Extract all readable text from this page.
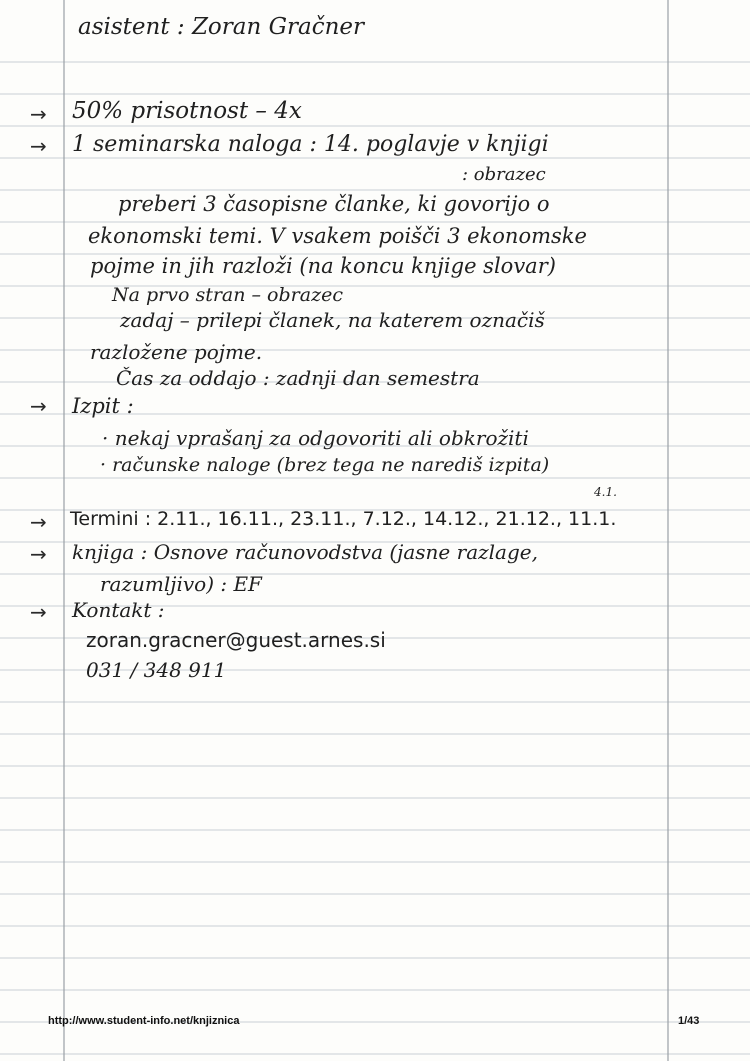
asistent : Zoran Gračner
→ 50% prisotnost – 4x
→ 1 seminarska naloga : 14. poglavje v knjigi
: obrazec
preberi 3 časopisne članke, ki govorijo o
ekonomski temi. V vsakem poišči 3 ekonomske
pojme in jih razloži (na koncu knjige slovar)
Na prvo stran – obrazec
zadaj – prilepi članek, na katerem označiš
razložene pojme.
Čas za oddajo : zadnji dan semestra
→ Izpit :
· nekaj vprašanj za odgovoriti ali obkrožiti
· računske naloge (brez tega ne narediš izpita)
4.1.
→ Termini : 2.11., 16.11., 23.11., 7.12., 14.12., 21.12., 11.1.
→ knjiga : Osnove računovodstva (jasne razlage,
razumljivo) : EF
→ Kontakt :
zoran.gracner@guest.arnes.si
031 / 348 911
http://www.student-info.net/knjiznica	1/43
